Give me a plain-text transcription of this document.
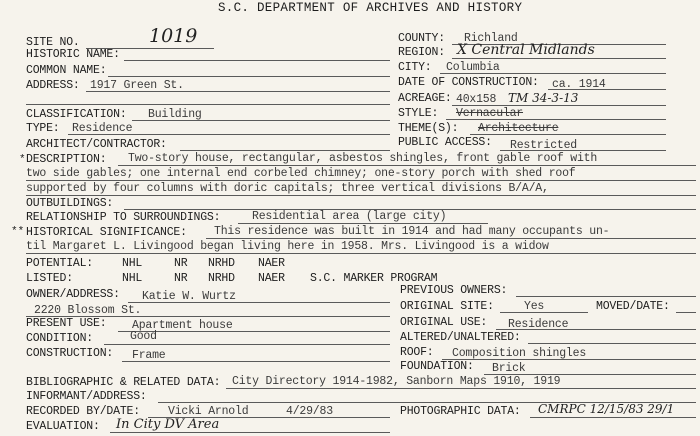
S.C. DEPARTMENT OF ARCHIVES AND HISTORY
SITE NO.	1019
HISTORIC NAME:
COMMON NAME:
ADDRESS: 1917 Green St.
CLASSIFICATION: Building
TYPE: Residence
ARCHITECT/CONTRACTOR:
COUNTY: Richland
REGION: X Central Midlands
CITY: Columbia
DATE OF CONSTRUCTION: ca. 1914
ACREAGE: 40x158 TM 34-3-13
STYLE: Vernacular
THEME(S): Architecture
PUBLIC ACCESS: Restricted
* DESCRIPTION: Two-story house, rectangular, asbestos shingles, front gable roof with
two side gables; one internal end corbeled chimney; one-story porch with shed roof
supported by four columns with doric capitals; three vertical divisions B/A/A,
OUTBUILDINGS:
RELATIONSHIP TO SURROUNDINGS:	Residential area (large city)
** HISTORICAL SIGNIFICANCE: This residence was built in 1914 and had many occupants un-
til Margaret L. Livingood began living here in 1958. Mrs. Livingood is a widow
POTENTIAL:	NHL	NR NRHD NAER
LISTED:	NHL	NR NRHD NAER S.C. MARKER PROGRAM
OWNER/ADDRESS: Katie W. Wurtz
2220 Blossom St.
PRESENT USE: Apartment house
CONDITION:	Good
CONSTRUCTION: Frame
PREVIOUS OWNERS:
ORIGINAL SITE:	Yes	MOVED/DATE:
ORIGINAL USE: Residence
ALTERED/UNALTERED:
ROOF: Composition shingles
FOUNDATION: Brick
BIBLIOGRAPHIC & RELATED DATA: City Directory 1914-1982, Sanborn Maps 1910, 1919
INFORMANT/ADDRESS:
RECORDED BY/DATE: Vicki Arnold	4/29/83	PHOTOGRAPHIC DATA: CMRPC 12/15/83 29/1
EVALUATION: In City DV Area
